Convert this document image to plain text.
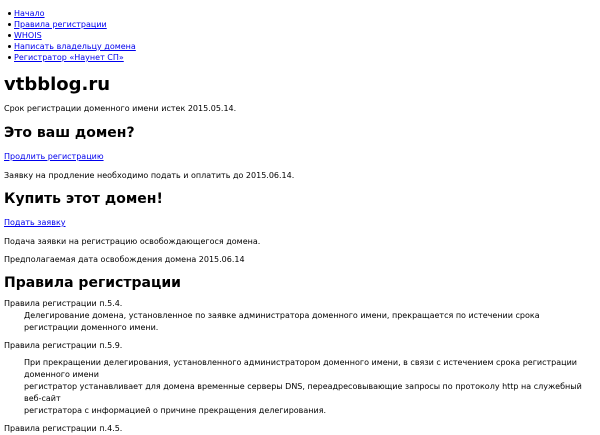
Начало
Правила регистрации
WHOIS
Написать владельцу домена
Регистратор «Наунет СП»
vtbblog.ru

Срок регистрации доменного имени истек 2015.05.14.

Это ваш домен?

Продлить регистрацию

Заявку на продление необходимо подать и оплатить до 2015.06.14.

Купить этот домен!

Подать заявку

Подача заявки на регистрацию освобождающегося домена.

Предполагаемая дата освобождения домена 2015.06.14

Правила регистрации
Правила регистрации п.5.4.
Делегирование домена, установленное по заявке администратора доменного имени, прекращается по истечении срока регистрации доменного имени.
Правила регистрации п.5.9.
При прекращении делегирования, установленного администратором доменного имени, в связи с истечением срока регистрации доменного имени
регистратор устанавливает для домена временные серверы DNS, переадресовывающие запросы по протоколу http на служебный веб-сайт
регистратора с информацией о причине прекращения делегирования.
Правила регистрации п.4.5.
